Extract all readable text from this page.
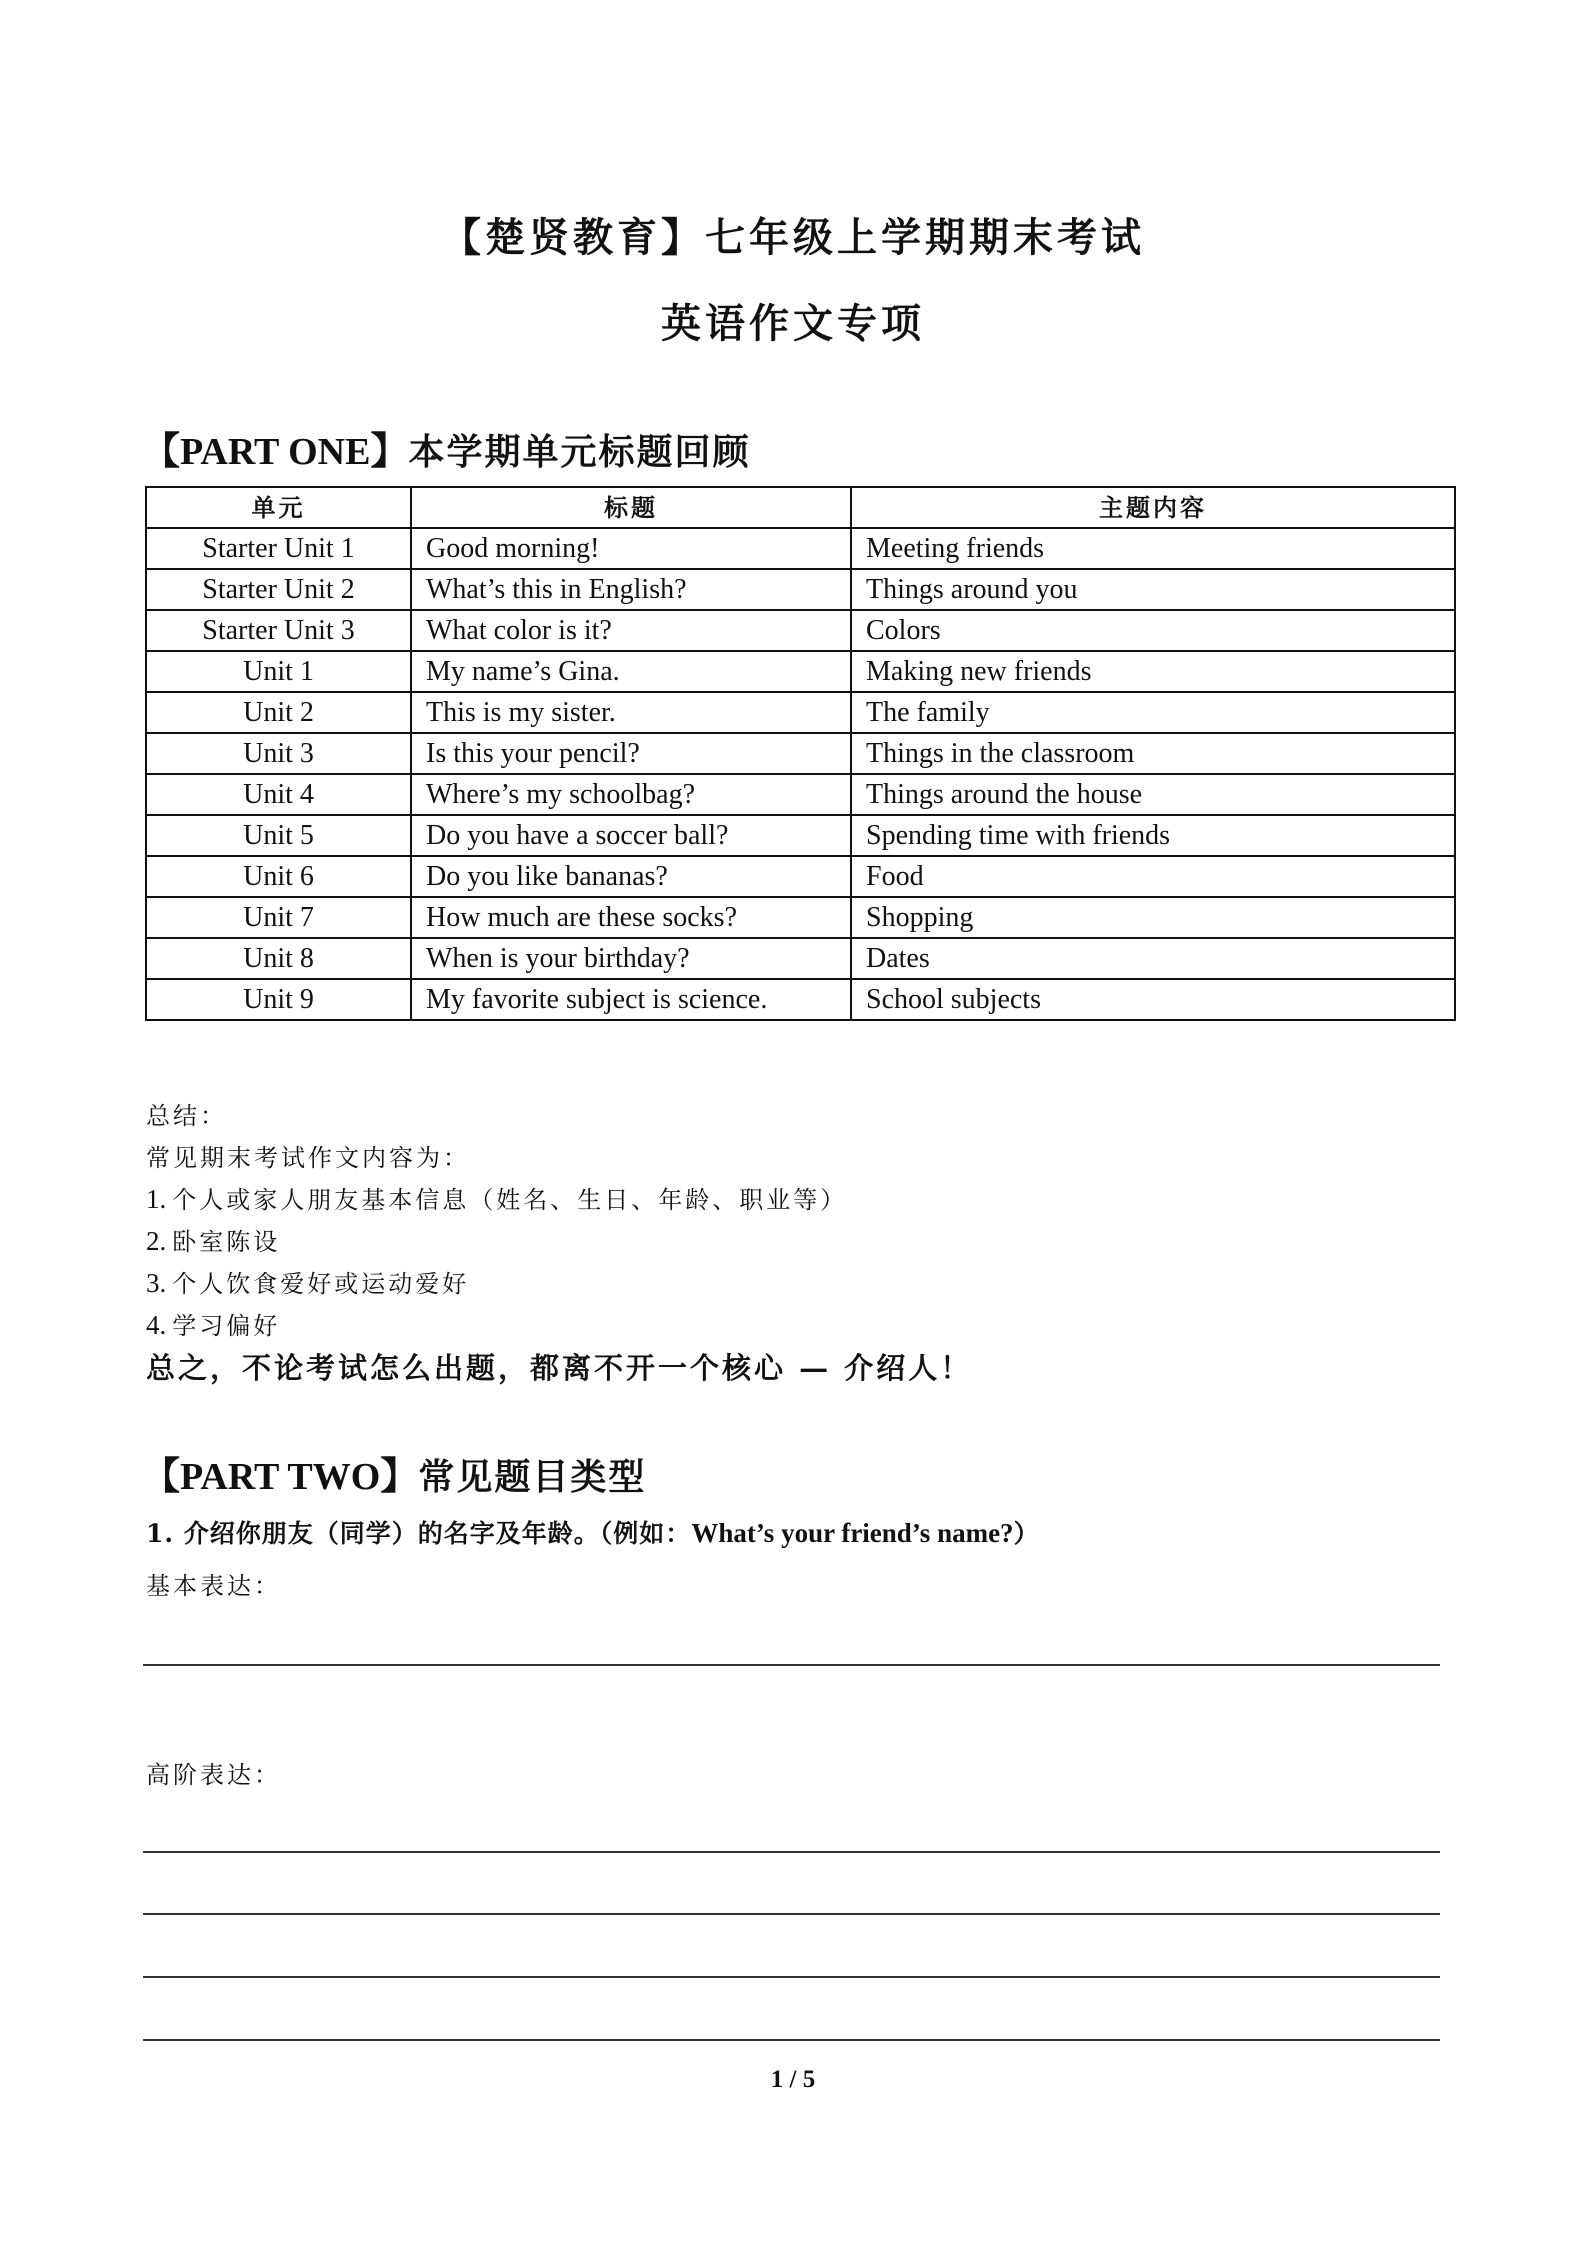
【楚贤教育】七年级上学期期末考试
英语作文专项
【PART ONE】本学期单元标题回顾
单元	标题	主题内容
Starter Unit 1	Good morning!	Meeting friends
Starter Unit 2	What’s this in English?	Things around you
Starter Unit 3	What color is it?	Colors
Unit 1	My name’s Gina.	Making new friends
Unit 2	This is my sister.	The family
Unit 3	Is this your pencil?	Things in the classroom
Unit 4	Where’s my schoolbag?	Things around the house
Unit 5	Do you have a soccer ball?	Spending time with friends
Unit 6	Do you like bananas?	Food
Unit 7	How much are these socks?	Shopping
Unit 8	When is your birthday?	Dates
Unit 9	My favorite subject is science.	School subjects
总结：
常见期末考试作文内容为：
1. 个人或家人朋友基本信息（姓名、生日、年龄、职业等）
2. 卧室陈设
3. 个人饮食爱好或运动爱好
4. 学习偏好
总之，不论考试怎么出题，都离不开一个核心 — 介绍人！
【PART TWO】常见题目类型
1. 介绍你朋友（同学）的名字及年龄。（例如：What’s your friend’s name?）
基本表达：
高阶表达：
1 / 5
